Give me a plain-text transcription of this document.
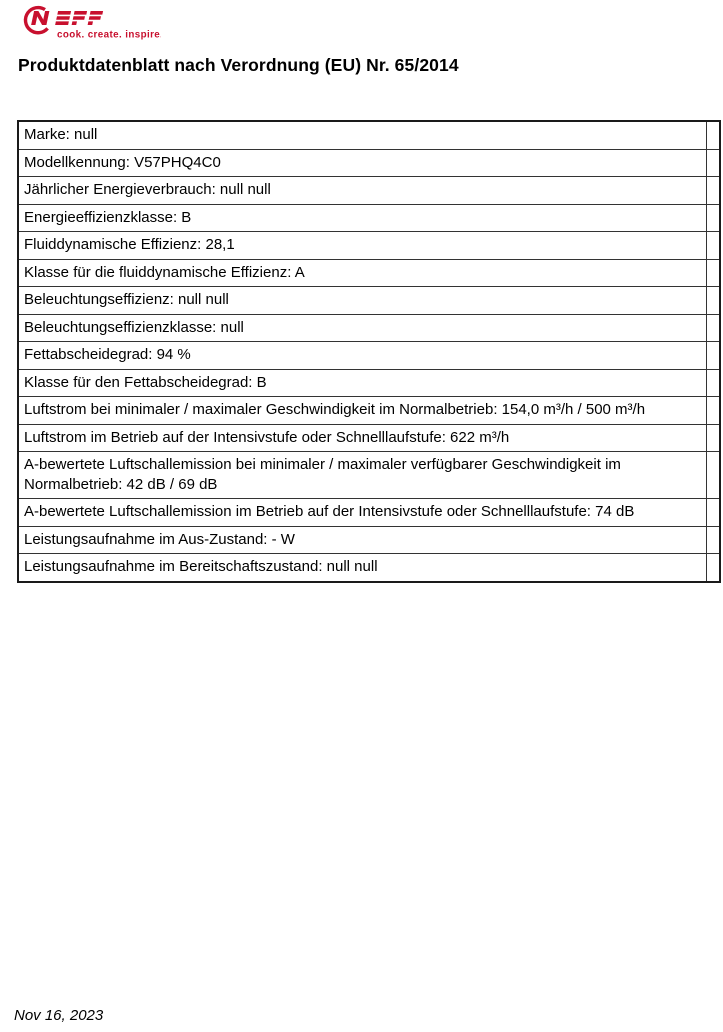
cook. create. inspire.
Produktdatenblatt nach Verordnung (EU) Nr. 65/2014
Marke: null	
Modellkennung: V57PHQ4C0	
Jährlicher Energieverbrauch: null null	
Energieeffizienzklasse: B	
Fluiddynamische Effizienz: 28,1	
Klasse für die fluiddynamische Effizienz: A	
Beleuchtungseffizienz: null null	
Beleuchtungseffizienzklasse: null	
Fettabscheidegrad: 94 %	
Klasse für den Fettabscheidegrad: B	
Luftstrom bei minimaler / maximaler Geschwindigkeit im Normalbetrieb: 154,0 m³/h / 500 m³/h	
Luftstrom im Betrieb auf der Intensivstufe oder Schnelllaufstufe: 622 m³/h	
A-bewertete Luftschallemission bei minimaler / maximaler verfügbarer Geschwindigkeit im Normalbetrieb: 42 dB / 69 dB	
A-bewertete Luftschallemission im Betrieb auf der Intensivstufe oder Schnelllaufstufe: 74 dB	
Leistungsaufnahme im Aus-Zustand: - W	
Leistungsaufnahme im Bereitschaftszustand: null null	
Nov 16, 2023
